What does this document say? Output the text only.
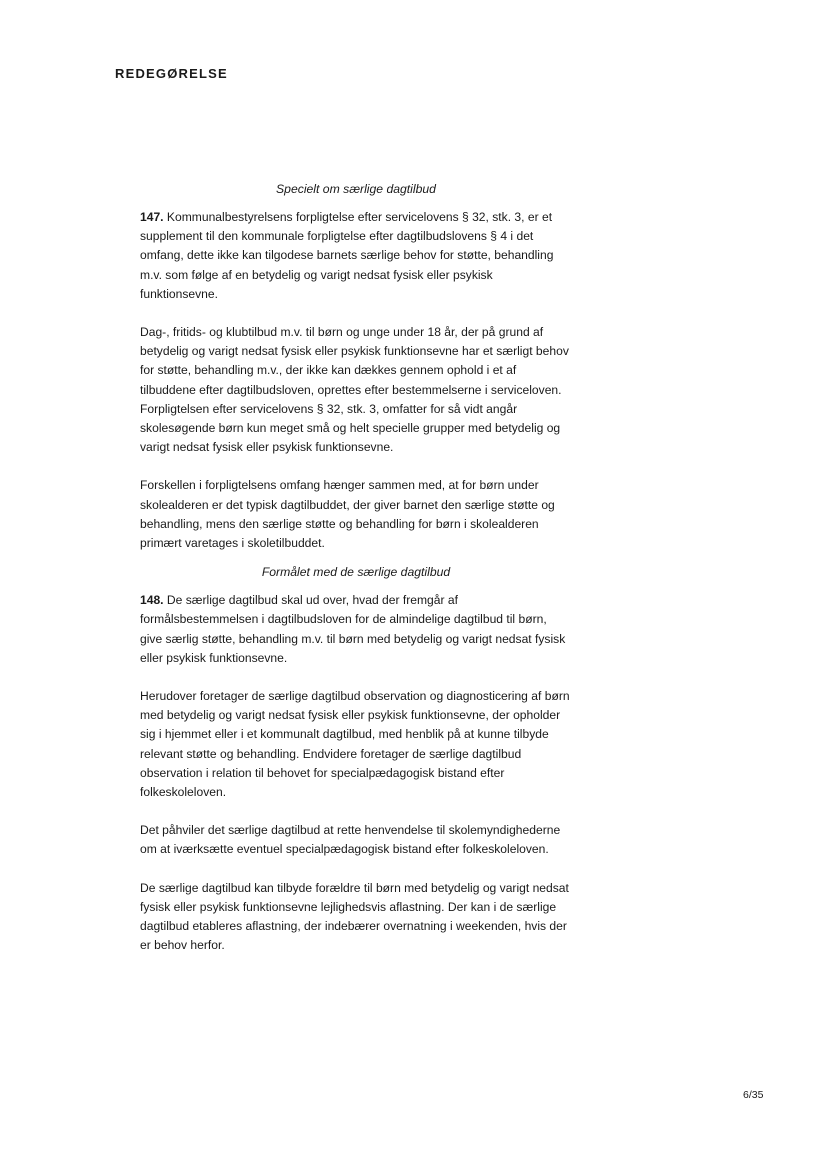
REDEGØRELSE

Specielt om særlige dagtilbud

147. Kommunalbestyrelsens forpligtelse efter servicelovens § 32, stk. 3, er et supplement til den kommunale forpligtelse efter dagtilbudslovens § 4 i det omfang, dette ikke kan tilgodese barnets særlige behov for støtte, behandling m.v. som følge af en betydelig og varigt nedsat fysisk eller psykisk funktionsevne.

Dag-, fritids- og klubtilbud m.v. til børn og unge under 18 år, der på grund af betydelig og varigt nedsat fysisk eller psykisk funktionsevne har et særligt behov for støtte, behandling m.v., der ikke kan dækkes gennem ophold i et af tilbuddene efter dagtilbudsloven, oprettes efter bestemmelserne i serviceloven. Forpligtelsen efter servicelovens § 32, stk. 3, omfatter for så vidt angår skolesøgende børn kun meget små og helt specielle grupper med betydelig og varigt nedsat fysisk eller psykisk funktionsevne.

Forskellen i forpligtelsens omfang hænger sammen med, at for børn under skolealderen er det typisk dagtilbuddet, der giver barnet den særlige støtte og behandling, mens den særlige støtte og behandling for børn i skolealderen primært varetages i skoletilbuddet.

Formålet med de særlige dagtilbud

148. De særlige dagtilbud skal ud over, hvad der fremgår af formålsbestemmelsen i dagtilbudsloven for de almindelige dagtilbud til børn, give særlig støtte, behandling m.v. til børn med betydelig og varigt nedsat fysisk eller psykisk funktionsevne.

Herudover foretager de særlige dagtilbud observation og diagnosticering af børn med betydelig og varigt nedsat fysisk eller psykisk funktionsevne, der opholder sig i hjemmet eller i et kommunalt dagtilbud, med henblik på at kunne tilbyde relevant støtte og behandling. Endvidere foretager de særlige dagtilbud observation i relation til behovet for specialpædagogisk bistand efter folkeskoleloven.

Det påhviler det særlige dagtilbud at rette henvendelse til skolemyndighederne om at iværksætte eventuel specialpædagogisk bistand efter folkeskoleloven.

De særlige dagtilbud kan tilbyde forældre til børn med betydelig og varigt nedsat fysisk eller psykisk funktionsevne lejlighedsvis aflastning. Der kan i de særlige dagtilbud etableres aflastning, der indebærer overnatning i weekenden, hvis der er behov herfor.

6/35
